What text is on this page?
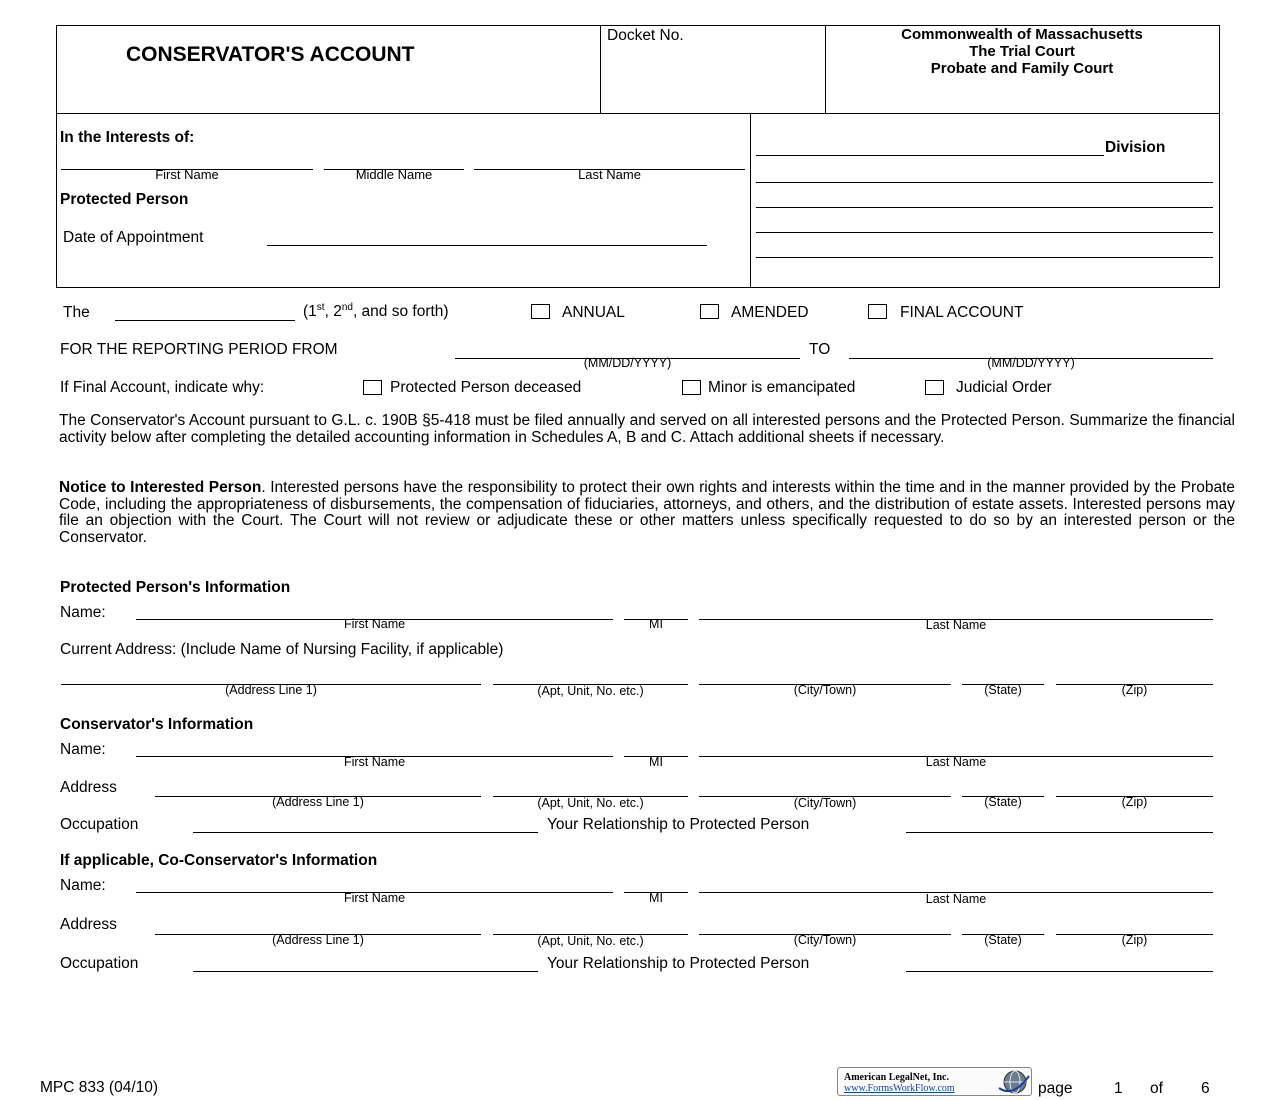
CONSERVATOR'S ACCOUNT
Docket No.	Commonwealth of Massachusetts
The Trial Court
Probate and Family Court
In the Interests of:
First Name	Middle Name	Last Name
Protected Person
Date of Appointment
Division
The	(1st, 2nd, and so forth)	ANNUAL	AMENDED	FINAL ACCOUNT
FOR THE REPORTING PERIOD FROM
(MM/DD/YYYY)
TO
(MM/DD/YYYY)
If Final Account, indicate why:	Protected Person deceased	Minor is emancipated	Judicial Order
The Conservator's Account pursuant to G.L. c. 190B §5-418 must be filed annually and served on all interested persons and the Protected Person. Summarize the financial activity below after completing the detailed accounting information in Schedules A, B and C. Attach additional sheets if necessary.
Notice to Interested Person. Interested persons have the responsibility to protect their own rights and interests within the time and in the manner provided by the Probate Code, including the appropriateness of disbursements, the compensation of fiduciaries, attorneys, and others, and the distribution of estate assets. Interested persons may file an objection with the Court. The Court will not review or adjudicate these or other matters unless specifically requested to do so by an interested person or the Conservator.
Protected Person's Information
Name:
First Name	MI	Last Name
Current Address: (Include Name of Nursing Facility, if applicable)
(Address Line 1)	(Apt, Unit, No. etc.)	(City/Town)	(State)	(Zip)
Conservator's Information
Name:
First Name	MI	Last Name
Address
(Address Line 1)	(Apt, Unit, No. etc.)	(City/Town)	(State)	(Zip)
Occupation	Your Relationship to Protected Person
If applicable, Co-Conservator's Information
Name:
First Name	MI	Last Name
Address
(Address Line 1)	(Apt, Unit, No. etc.)	(City/Town)	(State)	(Zip)
Occupation	Your Relationship to Protected Person
MPC 833 (04/10)
American LegalNet, Inc.
www.FormsWorkFlow.com	page	1 of 6
